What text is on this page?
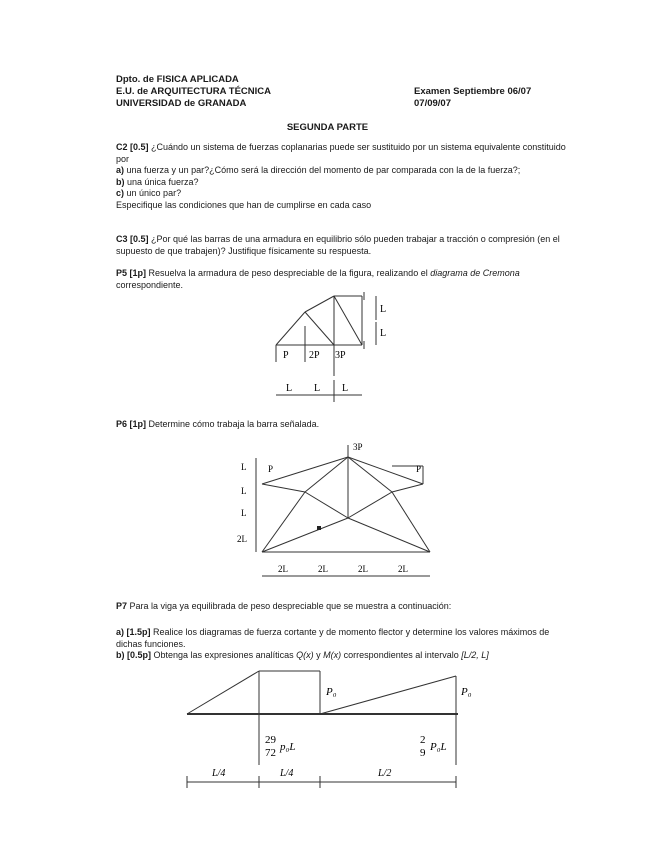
Dpto. de FISICA APLICADA
E.U. de ARQUITECTURA TÉCNICA
UNIVERSIDAD de GRANADA
Examen Septiembre 06/07
07/09/07
SEGUNDA PARTE
C2 [0.5] ¿Cuándo un sistema de fuerzas coplanarias puede ser sustituido por un sistema equivalente constituido por
a) una fuerza y un par?¿Cómo será la dirección del momento de par comparada con la de la fuerza?;
b) una única fuerza?
c) un único par?
Especifique las condiciones que han de cumplirse en cada caso
C3 [0.5] ¿Por qué las barras de una armadura en equilibrio sólo pueden trabajar a tracción o compresión (en el supuesto de que trabajen)? Justifique físicamente su respuesta.
P5 [1p] Resuelva la armadura de peso despreciable de la figura, realizando el diagrama de Cremona correspondiente.
P 2P 3P
L
L
L L L
P6 [1p] Determine cómo trabaja la barra señalada.
3P
P	P
L
L
L
2L
2L	2L	2L	2L
P7 Para la viga ya equilibrada de peso despreciable que se muestra a continuación:
a) [1.5p] Realice los diagramas de fuerza cortante y de momento flector y determine los valores máximos de dichas funciones.
b) [0.5p] Obtenga las expresiones analíticas Q(x) y M(x) correspondientes al intervalo [L/2, L]
P₀	P₀
29
72 p₀L
2
9 P₀L
L/4	L/4	L/2
